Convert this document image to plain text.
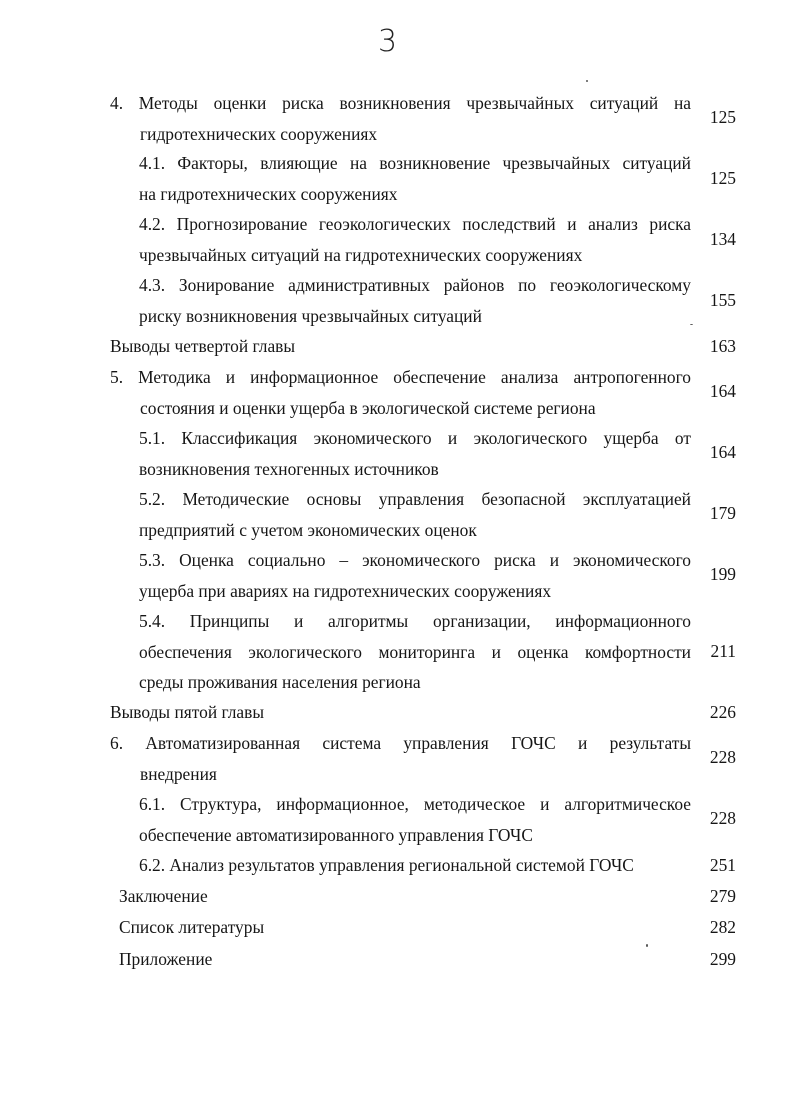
3
4. Методы оценки риска возникновения чрезвычайных ситуаций на
гидротехнических сооружениях
125
4.1. Факторы, влияющие на возникновение чрезвычайных ситуаций
на гидротехнических сооружениях
125
4.2. Прогнозирование геоэкологических последствий и анализ риска
чрезвычайных ситуаций на гидротехнических сооружениях
134
4.3. Зонирование административных районов по геоэкологическому
риску возникновения чрезвычайных ситуаций
155
Выводы четвертой главы	163
5. Методика и информационное обеспечение анализа антропогенного
состояния и оценки ущерба в экологической системе региона
164
5.1. Классификация экономического и экологического ущерба от
возникновения техногенных источников
164
5.2. Методические основы управления безопасной эксплуатацией
предприятий с учетом экономических оценок
179
5.3. Оценка социально – экономического риска и экономического
ущерба при авариях на гидротехнических сооружениях
199
5.4. Принципы и алгоритмы организации, информационного
обеспечения экологического мониторинга и оценка комфортности
среды проживания населения региона
211
Выводы пятой главы	226
6. Автоматизированная система управления ГОЧС и результаты
внедрения
228
6.1. Структура, информационное, методическое и алгоритмическое
обеспечение автоматизированного управления ГОЧС
228
6.2. Анализ результатов управления региональной системой ГОЧС	251
Заключение	279
Список литературы	282
Приложение	299
